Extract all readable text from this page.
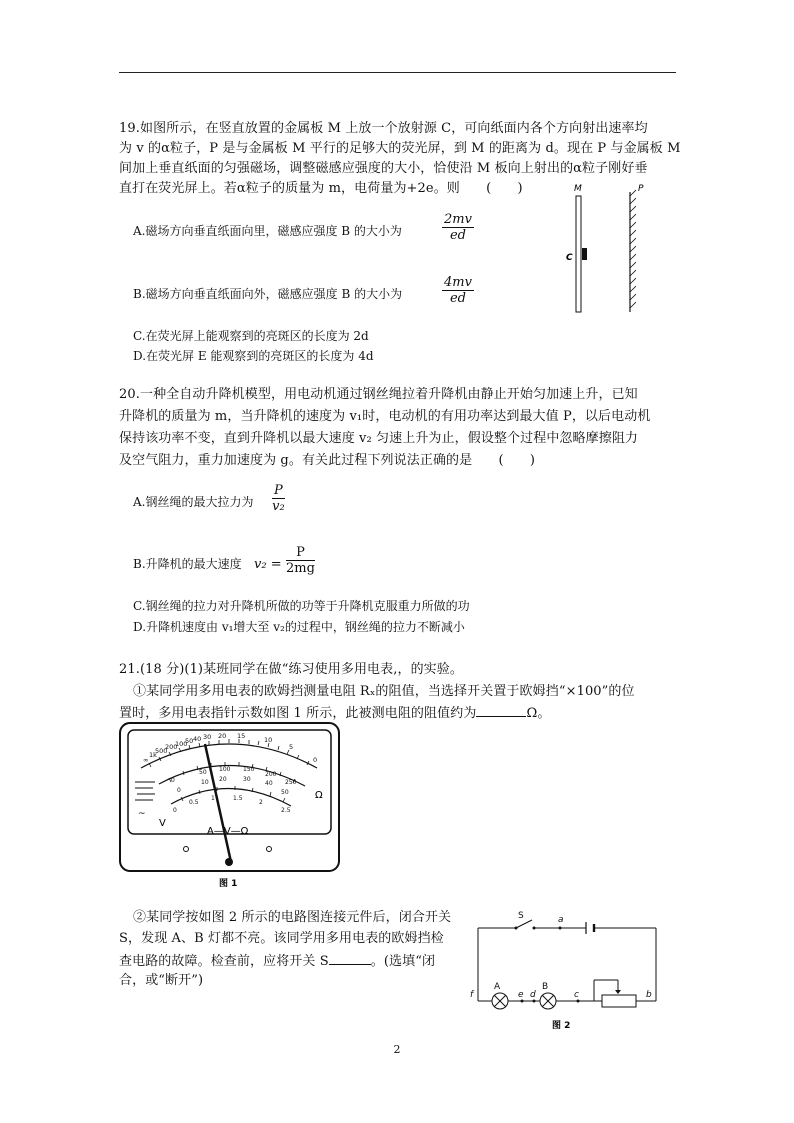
19.如图所示，在竖直放置的金属板 M 上放一个放射源 C，可向纸面内各个方向射出速率均
为 v 的α粒子，P 是与金属板 M 平行的足够大的荧光屏，到 M 的距离为 d。现在 P 与金属板 M
间加上垂直纸面的匀强磁场，调整磁感应强度的大小，恰使沿 M 板向上射出的α粒子刚好垂
直打在荧光屏上。若α粒子的质量为 m，电荷量为+2e。则　　(　　)
A.磁场方向垂直纸面向里，磁感应强度 B 的大小为
2mv
ed
B.磁场方向垂直纸面向外，磁感应强度 B 的大小为
4mv
ed
C.在荧光屏上能观察到的亮斑区的长度为 2d
D.在荧光屏 E 能观察到的亮斑区的长度为 4d
M	P
C
20.一种全自动升降机模型，用电动机通过钢丝绳拉着升降机由静止开始匀加速上升，已知
升降机的质量为 m，当升降机的速度为 v₁时，电动机的有用功率达到最大值 P，以后电动机
保持该功率不变，直到升降机以最大速度 v₂ 匀速上升为止，假设整个过程中忽略摩擦阻力
及空气阻力，重力加速度为 g。有关此过程下列说法正确的是　　(　　)
A.钢丝绳的最大拉力为
P
v₂
B.升降机的最大速度 v₂ =
P
2mg
C.钢丝绳的拉力对升降机所做的功等于升降机克服重力所做的功
D.升降机速度由 v₁增大至 v₂的过程中，钢丝绳的拉力不断减小
21.(18 分)(1)某班同学在做“练习使用多用电表,，的实验。
①某同学用多用电表的欧姆挡测量电阻 Rₓ的阻值，当选择开关置于欧姆挡“×100”的位
置时，多用电表指针示数如图 1 所示，此被测电阻的阻值约为	Ω。
∞
1k
500
200
100
50 40 30 20 15	10
5
0
0
50 100 150
200
250
0
10 20	30
40
50
0
0.5
1	1.5
2
2.5
Ω
~
V
A—V—Ω
图 1
②某同学按如图 2 所示的电路图连接元件后，闭合开关
S，发现 A、B 灯都不亮。该同学用多用电表的欧姆挡检
查电路的故障。检查前，应将开关 S	。(选填“闭
合，或“断开”)
S	a
A	B
f	e d	c	b
图 2
2
